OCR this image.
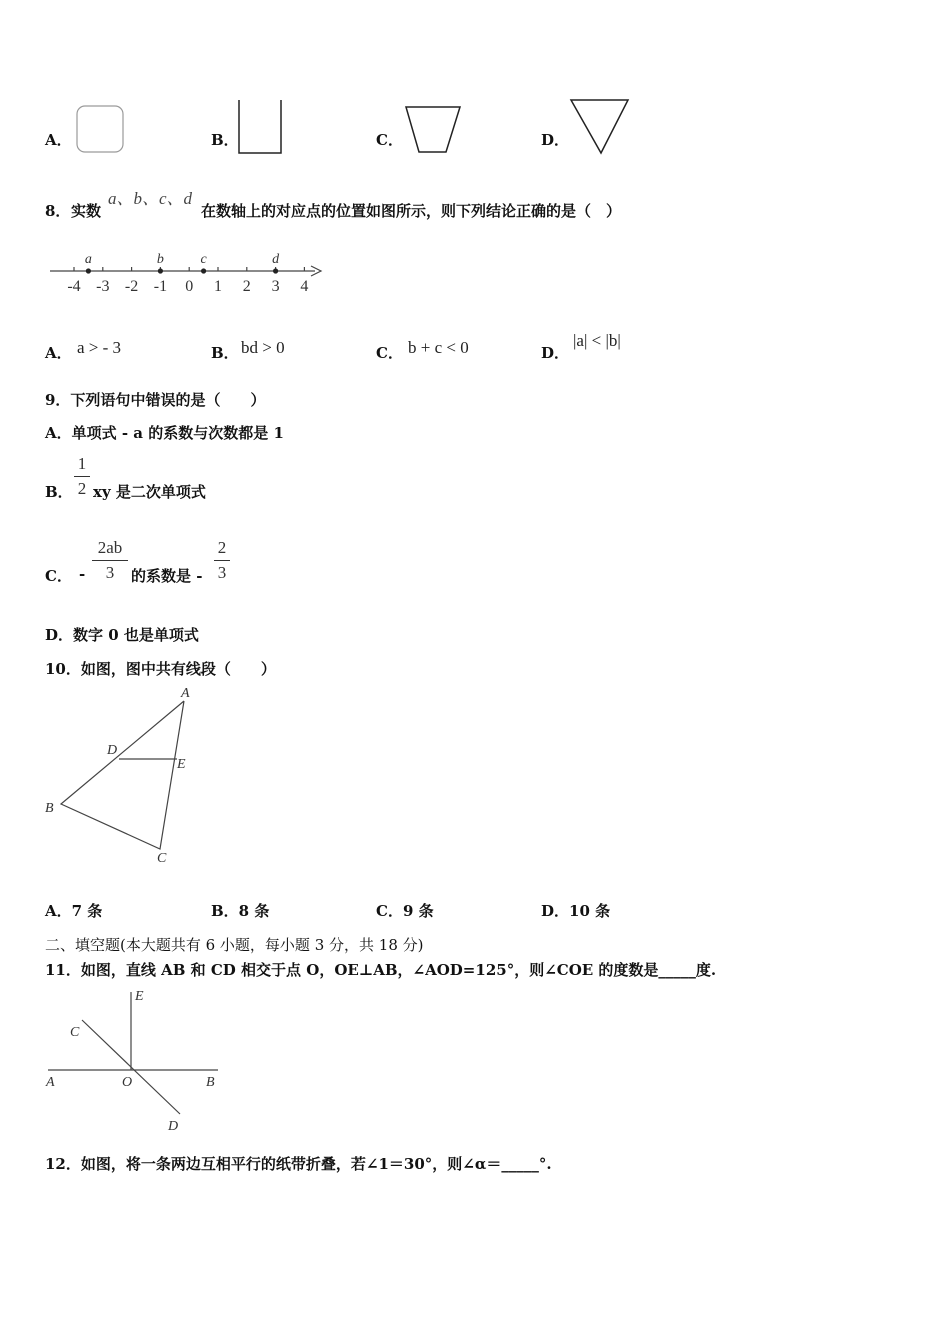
A．	B．	C．	D．
8． 实数
a、b、c、d
在数轴上的对应点的位置如图所示，则下列结论正确的是（　）
-4 -3 -2 -1 0 1 2 3 4
a	b	c	d
A． a > - 3	B． bd > 0	C． b + c < 0	D．
|a| < |b|
9．下列语句中错误的是（　　）
A．单项式 - a 的系数与次数都是 1
B．
1
2 xy 是二次单项式
C． -
2ab
3	的系数是 -
2
3
D．数字 0 也是单项式
10．如图，图中共有线段（　　）
A
D
E
B
C
A．7 条	B．8 条	C．9 条	D．10 条
二、填空题(本大题共有 6 小题，每小题 3 分，共 18 分)
11．如图，直线 AB 和 CD 相交于点 O，OE⊥AB，∠AOD=125°，则∠COE 的度数是_____度.
E
C
A	O	B
D
12．如图，将一条两边互相平行的纸带折叠，若∠1＝30°，则∠α＝_____°.
